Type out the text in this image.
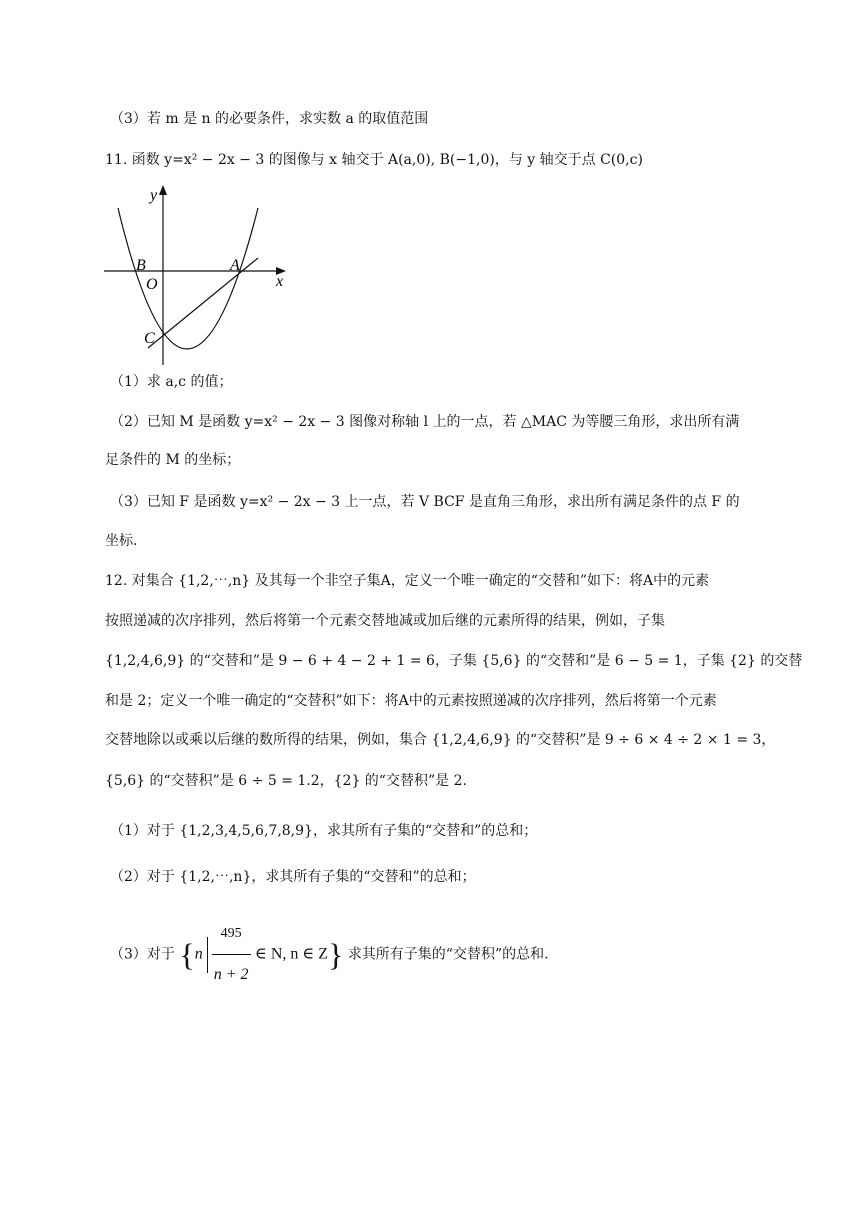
（3）若 m 是 n 的必要条件，求实数 a 的取值范围
11. 函数 y=x² − 2x − 3 的图像与 x 轴交于 A(a,0), B(−1,0)，与 y 轴交于点 C(0,c)
y
x
B
O
A
C
（1）求 a,c 的值；
（2）已知 M 是函数 y=x² − 2x − 3 图像对称轴 l 上的一点，若 △MAC 为等腰三角形，求出所有满
足条件的 M 的坐标；
（3）已知 F 是函数 y=x² − 2x − 3 上一点，若 V BCF 是直角三角形，求出所有满足条件的点 F 的
坐标.
12. 对集合 {1,2,⋯,n} 及其每一个非空子集A，定义一个唯一确定的“交替和”如下：将A中的元素
按照递减的次序排列，然后将第一个元素交替地减或加后继的元素所得的结果，例如，子集
{1,2,4,6,9} 的“交替和”是 9 − 6 + 4 − 2 + 1 = 6，子集 {5,6} 的“交替和”是 6 − 5 = 1，子集 {2} 的交替
和是 2；定义一个唯一确定的“交替积”如下：将A中的元素按照递减的次序排列，然后将第一个元素
交替地除以或乘以后继的数所得的结果，例如，集合 {1,2,4,6,9} 的“交替积”是 9 ÷ 6 × 4 ÷ 2 × 1 = 3，
{5,6} 的“交替积”是 6 ÷ 5 = 1.2，{2} 的“交替积”是 2.
（1）对于 {1,2,3,4,5,6,7,8,9}，求其所有子集的“交替和”的总和；
（2）对于 {1,2,⋯,n}，求其所有子集的“交替和”的总和；
（3）对于 {$n \frac{495}{n + 2}$ ∈ N, n ∈ Z} 求其所有子集的“交替积”的总和.
